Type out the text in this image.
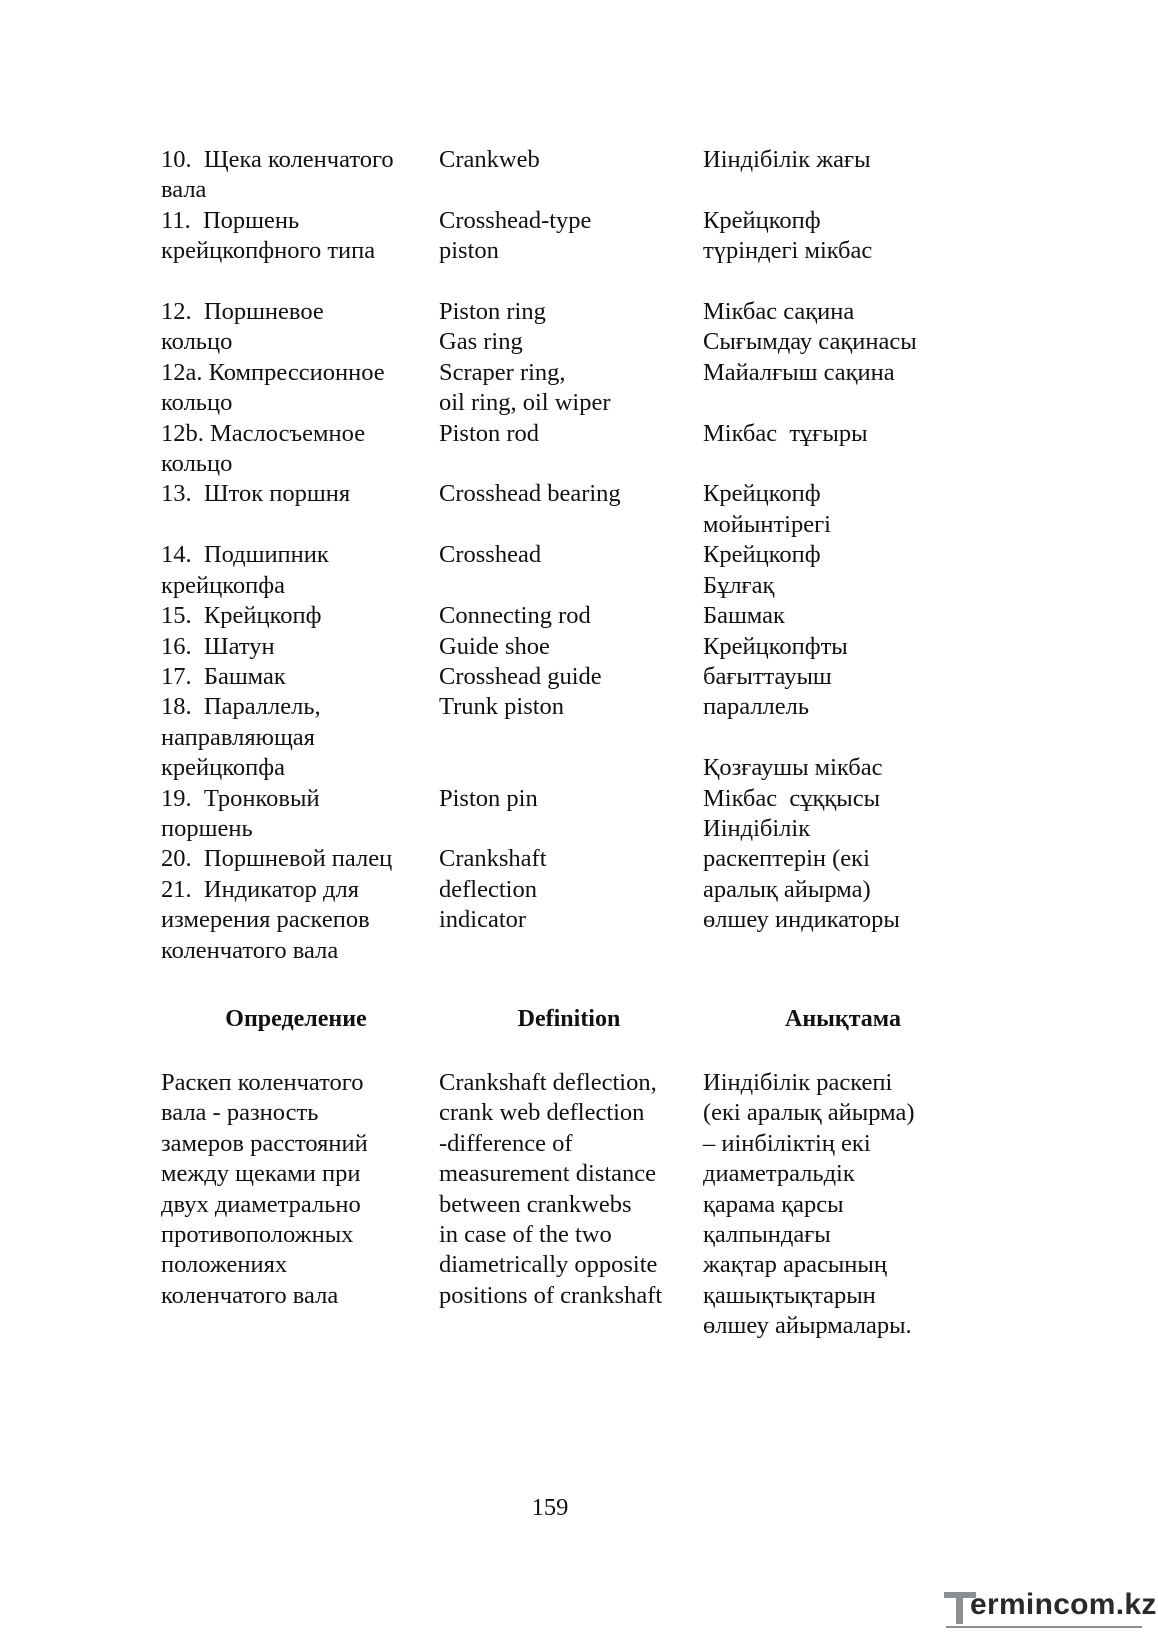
10.  Щека коленчатого
вала
11.  Поршень
крейцкопфного типа

12.  Поршневое
кольцо
12а. Компрессионное
кольцо
12b. Маслосъемное
кольцо
13.  Шток поршня

14.  Подшипник
крейцкопфа
15.  Крейцкопф
16.  Шатун
17.  Башмак
18.  Параллель,
направляющая
крейцкопфа
19.  Тронковый
поршень
20.  Поршневой палец
21.  Индикатор для
измерения раскепов
коленчатого вала
Crankweb

Crosshead-type
piston

Piston ring
Gas ring
Scraper ring,
oil ring, oil wiper
Piston rod

Crosshead bearing

Crosshead

Connecting rod
Guide shoe
Crosshead guide
Trunk piston

Piston pin

Crankshaft
deflection
indicator
Иіндібілік жағы

Крейцкопф
түріндегі мікбас

Мікбас сақина
Сығымдау сақинасы
Майалғыш сақина

Мікбас  тұғыры

Крейцкопф
мойынтірегі
Крейцкопф
Бұлғақ
Башмак
Крейцкопфты
бағыттауыш
параллель

Қозғаушы мікбас
Мікбас  сұққысы
Иіндібілік
раскептерін (екі
аралық айырма)
өлшеу индикаторы
Определение	Definition	Анықтама
Раскеп коленчатого
вала - разность
замеров расстояний
между щеками при
двух диаметрально
противоположных
положениях
коленчатого вала
Crankshaft deflection,
crank web deflection
-difference of
measurement distance
between crankwebs
in case of the two
diametrically opposite
positions of crankshaft
Иіндібілік раскепі
(екі аралық айырма)
– иінбіліктің екі
диаметральдік
қарама қарсы
қалпындағы
жақтар арасының
қашықтықтарын
өлшеу айырмалары.
159
ermincom.kz
